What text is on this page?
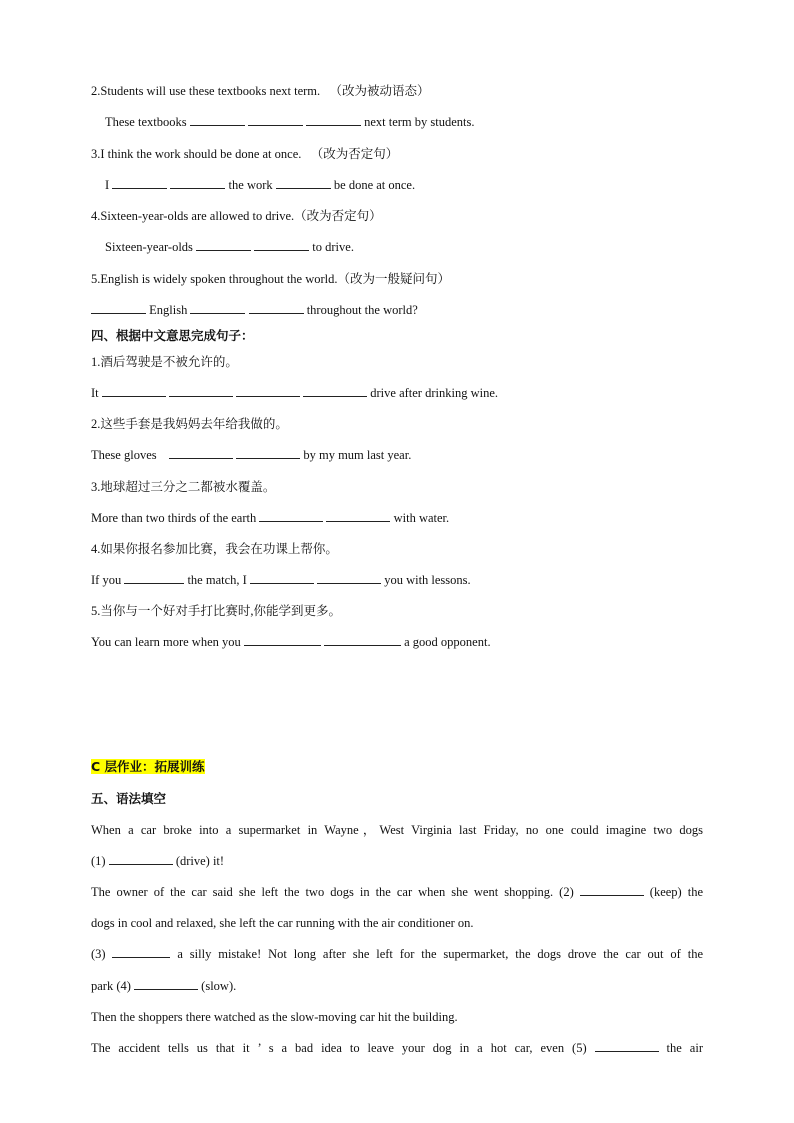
2.Students will use these textbooks next term.   （改为被动语态）
These textbooks	next term by students.
3.I think the work should be done at once.   （改为否定句）
I	the work	be done at once.
4.Sixteen-year-olds are allowed to drive.（改为否定句）
Sixteen-year-olds	to drive.
5.English is widely spoken throughout the world.（改为一般疑问句）
English	throughout the world?
四、根据中文意思完成句子：
1.酒后驾驶是不被允许的。
It	drive after drinking wine.
2.这些手套是我妈妈去年给我做的。
These gloves	by my mum last year.
3.地球超过三分之二都被水覆盖。
More than two thirds of the earth	with water.
4.如果你报名参加比赛，我会在功课上帮你。
If you	the match, I	you with lessons.
5.当你与一个好对手打比赛时,你能学到更多。
You can learn more when you	a good opponent.
C 层作业：拓展训练
五、语法填空
When a car broke into a supermarket in Wayne，West Virginia last Friday, no one could imagine two dogs
(1)	(drive) it!
The owner of the car said she left the two dogs in the car when she went shopping. (2)	(keep) the
dogs in cool and relaxed, she left the car running with the air conditioner on.
(3)	a silly mistake! Not long after she left for the supermarket, the dogs drove the car out of the
park (4)	(slow).
Then the shoppers there watched as the slow-moving car hit the building.
The accident tells us that it ’ s a bad idea to leave your dog in a hot car, even (5)	the air
